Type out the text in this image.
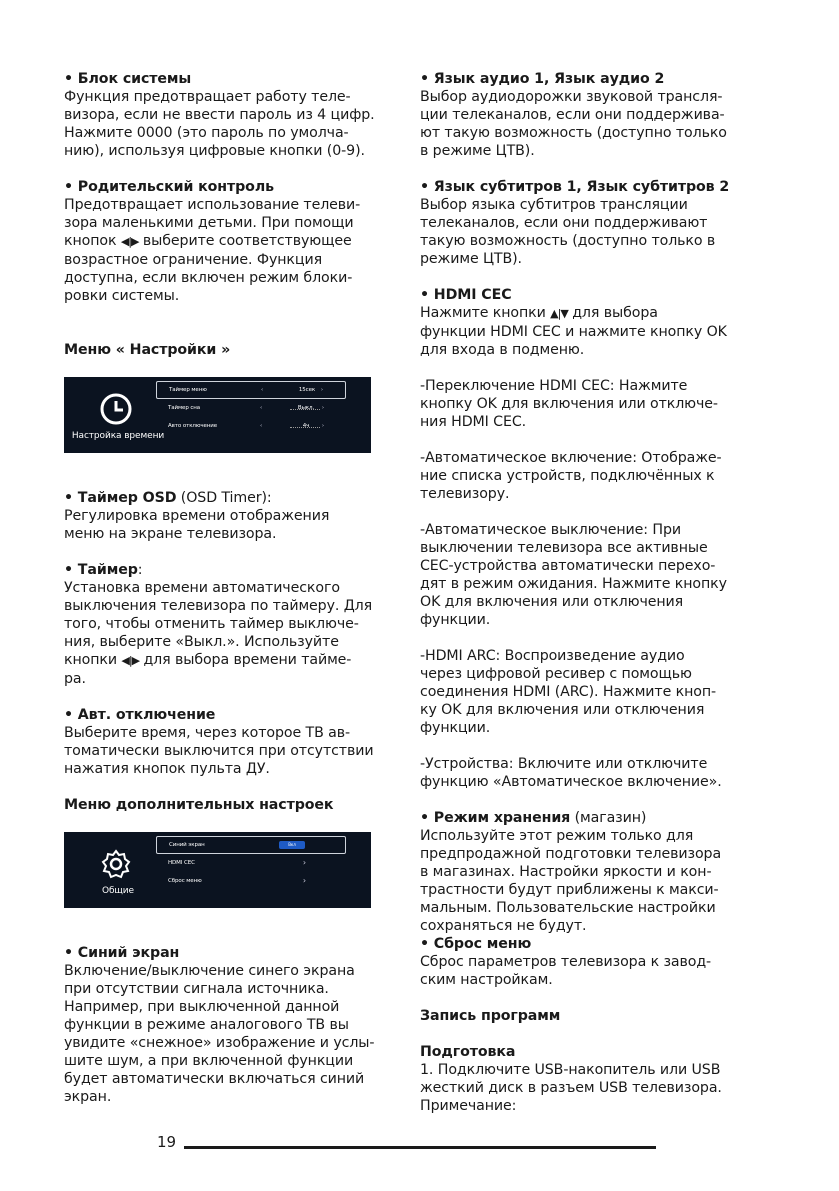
• Блок системы
Функция предотвращает работу теле-
визора, если не ввести пароль из 4 цифр.
Нажмите 0000 (это пароль по умолча-
нию), используя цифровые кнопки (0-9).
• Родительский контроль
Предотвращает использование телеви-
зора маленькими детьми. При помощи
кнопок ◀|▶ выберите соответствующее
возрастное ограничение. Функция
доступна, если включен режим блоки-
ровки системы.
Меню « Настройки »
Настройка времени
Таймер меню	‹	15сек	›
Таймер сна	‹	Выкл.	›
Авто отключение	‹	4ч	›
• Таймер OSD (OSD Timer):
Регулировка времени отображения
меню на экране телевизора.
• Таймер:
Установка времени автоматического
выключения телевизора по таймеру. Для
того, чтобы отменить таймер выключе-
ния, выберите «Выкл.». Используйте
кнопки ◀|▶ для выбора времени тайме-
ра.
• Авт. отключение
Выберите время, через которое ТВ ав-
томатически выключится при отсутствии
нажатия кнопок пульта ДУ.
Меню дополнительных настроек
Общие
Синий экран	Вкл
HDMI CEC	›
Сброс меню	›
• Синий экран
Включение/выключение синего экрана
при отсутствии сигнала источника.
Например, при выключенной данной
функции в режиме аналогового ТВ вы
увидите «снежное» изображение и услы-
шите шум, а при включенной функции
будет автоматически включаться синий
экран.
• Язык аудио 1, Язык аудио 2
Выбор аудиодорожки звуковой трансля-
ции телеканалов, если они поддержива-
ют такую возможность (доступно только
в режиме ЦТВ).
• Язык субтитров 1, Язык субтитров 2
Выбор языка субтитров трансляции
телеканалов, если они поддерживают
такую возможность (доступно только в
режиме ЦТВ).
• HDMI CEC
Нажмите кнопки ▲|▼ для выбора
функции HDMI CEC и нажмите кнопку OK
для входа в подменю.
-Переключение HDMI CEC: Нажмите
кнопку OK для включения или отключе-
ния HDMI CEC.
-Автоматическое включение: Отображе-
ние списка устройств, подключённых к
телевизору.
-Автоматическое выключение: При
выключении телевизора все активные
CEC-устройства автоматически перехо-
дят в режим ожидания. Нажмите кнопку
OK для включения или отключения
функции.
-HDMI ARC: Воспроизведение аудио
через цифровой ресивер с помощью
соединения HDMI (ARC). Нажмите кноп-
ку OK для включения или отключения
функции.
-Устройства: Включите или отключите
функцию «Автоматическое включение».
• Режим хранения (магазин)
Используйте этот режим только для
предпродажной подготовки телевизора
в магазинах. Настройки яркости и кон-
трастности будут приближены к макси-
мальным. Пользовательские настройки
сохраняться не будут.
• Сброс меню
Сброс параметров телевизора к завод-
ским настройкам.
Запись программ
Подготовка
1. Подключите USB-накопитель или USB
жесткий диск в разъем USB телевизора.
Примечание:
19
